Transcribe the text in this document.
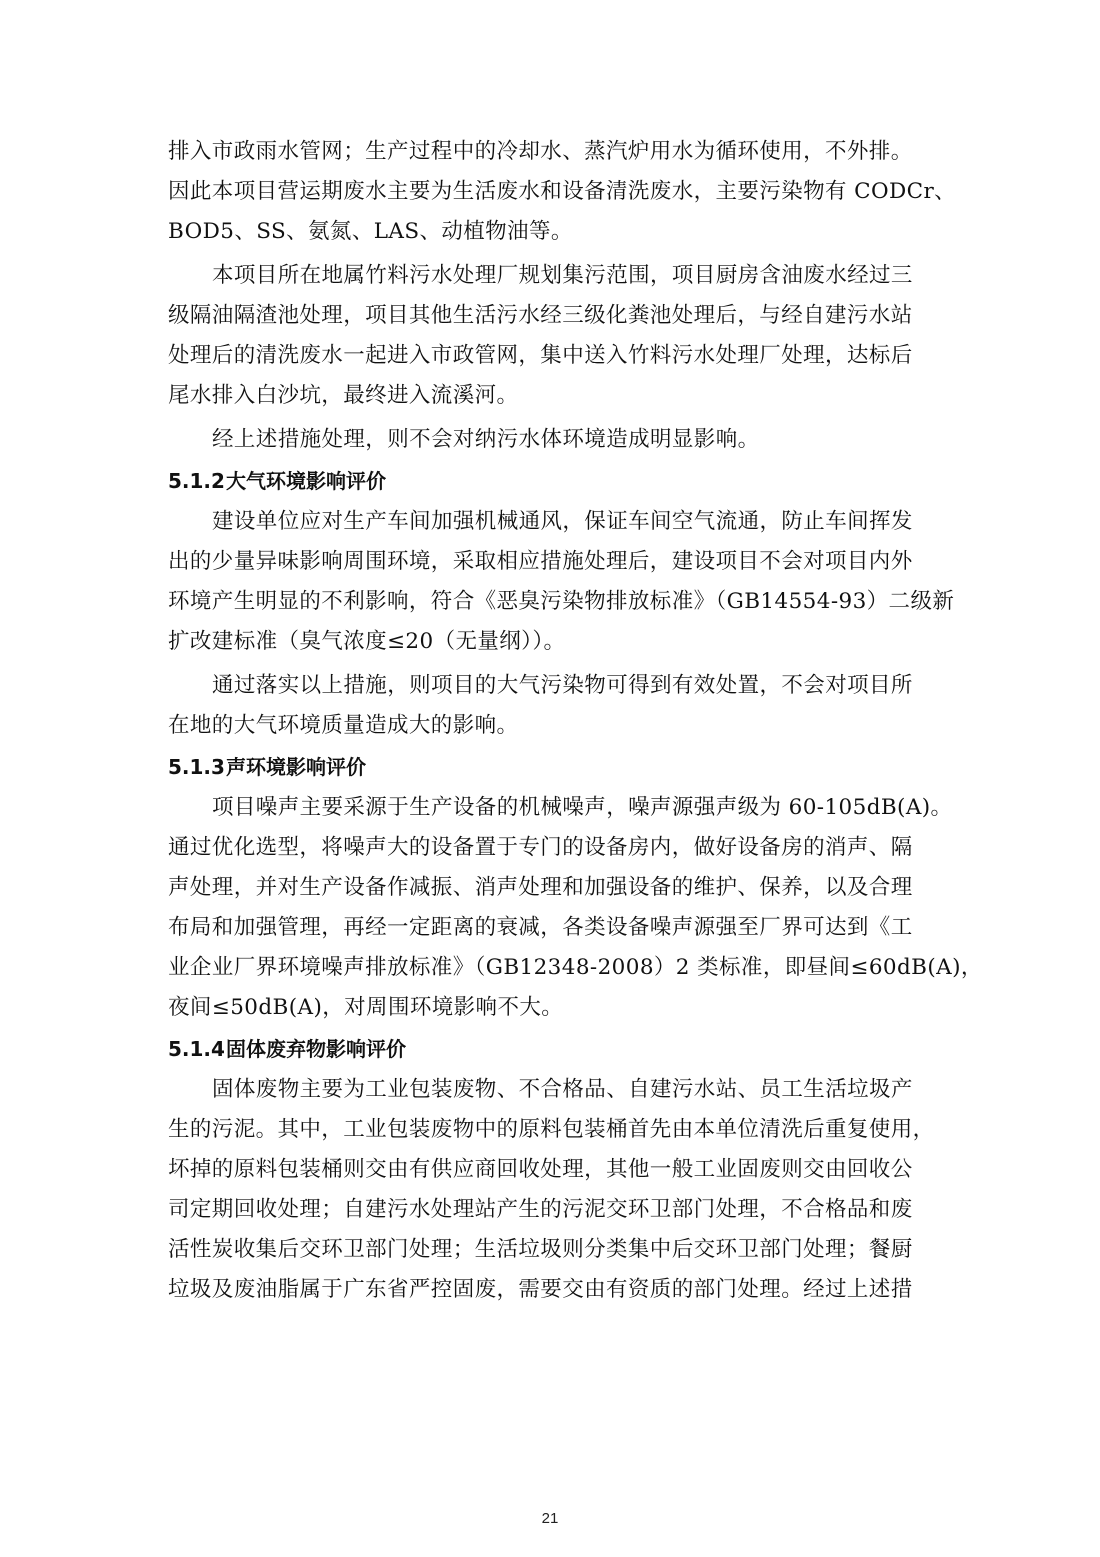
排入市政雨水管网；生产过程中的冷却水、蒸汽炉用水为循环使用，不外排。
因此本项目营运期废水主要为生活废水和设备清洗废水，主要污染物有 CODCr、
BOD5、SS、氨氮、LAS、动植物油等。
本项目所在地属竹料污水处理厂规划集污范围，项目厨房含油废水经过三
级隔油隔渣池处理，项目其他生活污水经三级化粪池处理后，与经自建污水站
处理后的清洗废水一起进入市政管网，集中送入竹料污水处理厂处理，达标后
尾水排入白沙坑，最终进入流溪河。
经上述措施处理，则不会对纳污水体环境造成明显影响。
5.1.2大气环境影响评价
建设单位应对生产车间加强机械通风，保证车间空气流通，防止车间挥发
出的少量异味影响周围环境，采取相应措施处理后，建设项目不会对项目内外
环境产生明显的不利影响，符合《恶臭污染物排放标准》（GB14554-93）二级新
扩改建标准（臭气浓度≤20（无量纲））。
通过落实以上措施，则项目的大气污染物可得到有效处置，不会对项目所
在地的大气环境质量造成大的影响。
5.1.3声环境影响评价
项目噪声主要采源于生产设备的机械噪声，噪声源强声级为 60-105dB(A)。
通过优化选型，将噪声大的设备置于专门的设备房内，做好设备房的消声、隔
声处理，并对生产设备作减振、消声处理和加强设备的维护、保养，以及合理
布局和加强管理，再经一定距离的衰减，各类设备噪声源强至厂界可达到《工
业企业厂界环境噪声排放标准》（GB12348-2008）2 类标准，即昼间≤60dB(A)，
夜间≤50dB(A)，对周围环境影响不大。
5.1.4固体废弃物影响评价
固体废物主要为工业包装废物、不合格品、自建污水站、员工生活垃圾产
生的污泥。其中，工业包装废物中的原料包装桶首先由本单位清洗后重复使用，
坏掉的原料包装桶则交由有供应商回收处理，其他一般工业固废则交由回收公
司定期回收处理；自建污水处理站产生的污泥交环卫部门处理，不合格品和废
活性炭收集后交环卫部门处理；生活垃圾则分类集中后交环卫部门处理；餐厨
垃圾及废油脂属于广东省严控固废，需要交由有资质的部门处理。经过上述措
21
